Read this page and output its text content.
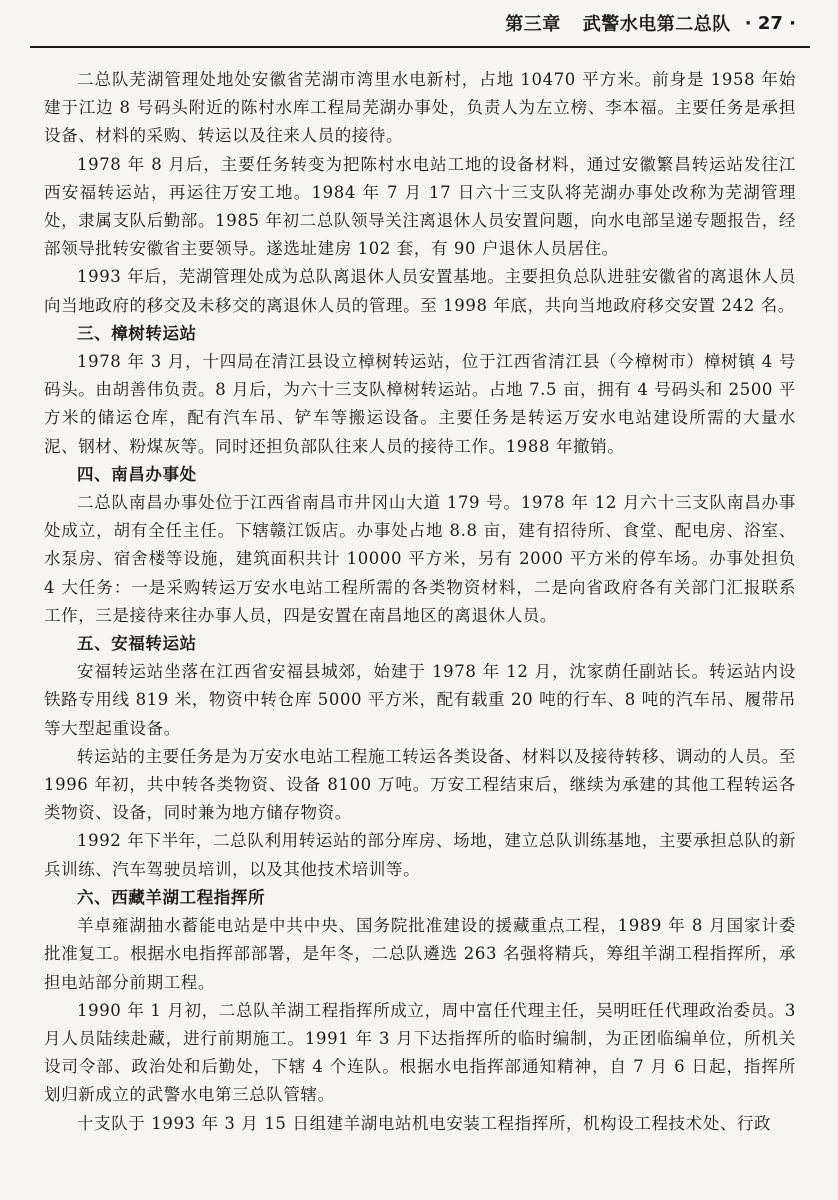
第三章 武警水电第二总队 · 27 ·

二总队芜湖管理处地处安徽省芜湖市湾里水电新村，占地 10470 平方米。前身是 1958 年始建于江边 8 号码头附近的陈村水库工程局芜湖办事处，负责人为左立榜、李本福。主要任务是承担设备、材料的采购、转运以及往来人员的接待。

1978 年 8 月后，主要任务转变为把陈村水电站工地的设备材料，通过安徽繁昌转运站发往江西安福转运站，再运往万安工地。1984 年 7 月 17 日六十三支队将芜湖办事处改称为芜湖管理处，隶属支队后勤部。1985 年初二总队领导关注离退休人员安置问题，向水电部呈递专题报告，经部领导批转安徽省主要领导。遂选址建房 102 套，有 90 户退休人员居住。

1993 年后，芜湖管理处成为总队离退休人员安置基地。主要担负总队进驻安徽省的离退休人员向当地政府的移交及未移交的离退休人员的管理。至 1998 年底，共向当地政府移交安置 242 名。

三、樟树转运站

1978 年 3 月，十四局在清江县设立樟树转运站，位于江西省清江县（今樟树市）樟树镇 4 号码头。由胡善伟负责。8 月后，为六十三支队樟树转运站。占地 7.5 亩，拥有 4 号码头和 2500 平方米的储运仓库，配有汽车吊、铲车等搬运设备。主要任务是转运万安水电站建设所需的大量水泥、钢材、粉煤灰等。同时还担负部队往来人员的接待工作。1988 年撤销。

四、南昌办事处

二总队南昌办事处位于江西省南昌市井冈山大道 179 号。1978 年 12 月六十三支队南昌办事处成立，胡有全任主任。下辖赣江饭店。办事处占地 8.8 亩，建有招待所、食堂、配电房、浴室、水泵房、宿舍楼等设施，建筑面积共计 10000 平方米，另有 2000 平方米的停车场。办事处担负 4 大任务：一是采购转运万安水电站工程所需的各类物资材料，二是向省政府各有关部门汇报联系工作，三是接待来往办事人员，四是安置在南昌地区的离退休人员。

五、安福转运站

安福转运站坐落在江西省安福县城郊，始建于 1978 年 12 月，沈家荫任副站长。转运站内设铁路专用线 819 米，物资中转仓库 5000 平方米，配有载重 20 吨的行车、8 吨的汽车吊、履带吊等大型起重设备。

转运站的主要任务是为万安水电站工程施工转运各类设备、材料以及接待转移、调动的人员。至 1996 年初，共中转各类物资、设备 8100 万吨。万安工程结束后，继续为承建的其他工程转运各类物资、设备，同时兼为地方储存物资。

1992 年下半年，二总队利用转运站的部分库房、场地，建立总队训练基地，主要承担总队的新兵训练、汽车驾驶员培训，以及其他技术培训等。

六、西藏羊湖工程指挥所

羊卓雍湖抽水蓄能电站是中共中央、国务院批准建设的援藏重点工程，1989 年 8 月国家计委批准复工。根据水电指挥部部署，是年冬，二总队遴选 263 名强将精兵，筹组羊湖工程指挥所，承担电站部分前期工程。

1990 年 1 月初，二总队羊湖工程指挥所成立，周中富任代理主任，吴明旺任代理政治委员。3 月人员陆续赴藏，进行前期施工。1991 年 3 月下达指挥所的临时编制，为正团临编单位，所机关设司令部、政治处和后勤处，下辖 4 个连队。根据水电指挥部通知精神，自 7 月 6 日起，指挥所划归新成立的武警水电第三总队管辖。

十支队于 1993 年 3 月 15 日组建羊湖电站机电安装工程指挥所，机构设工程技术处、行政
